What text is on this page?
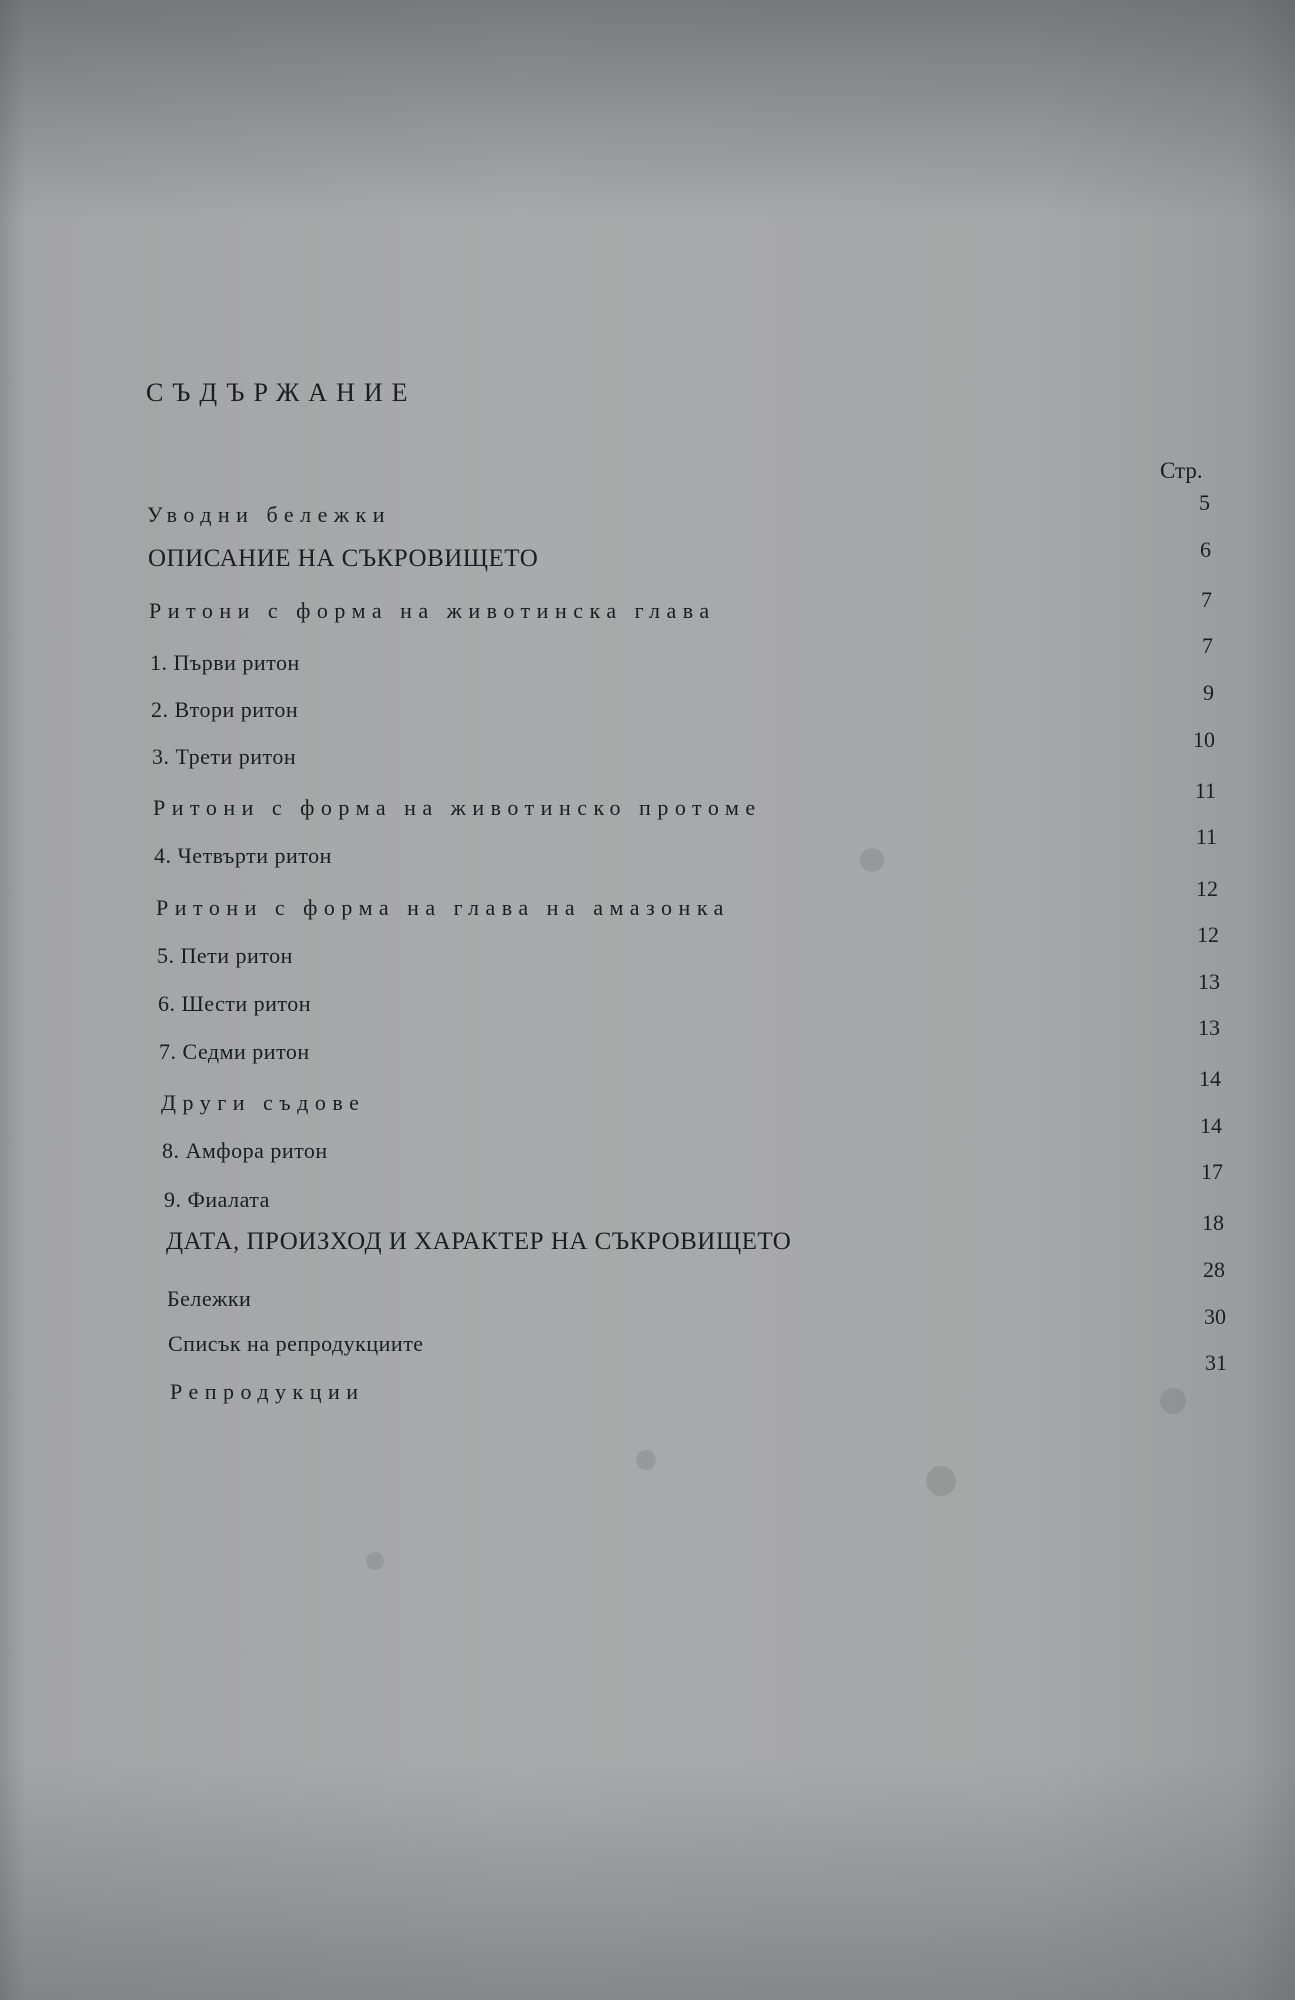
СЪДЪРЖАНИЕ
Стр.
Уводни бележки
ОПИСАНИЕ НА СЪКРОВИЩЕТО
Ритони с форма на животинска глава
1. Първи ритон
2. Втори ритон
3. Трети ритон
Ритони с форма на животинско протоме
4. Четвърти ритон
Ритони с форма на глава на амазонка
5. Пети ритон
6. Шести ритон
7. Седми ритон
Други съдове
8. Амфора ритон
9. Фиалата
ДАТА, ПРОИЗХОД И ХАРАКТЕР НА СЪКРОВИЩЕТО
Бележки
Списък на репродукциите
Репродукции
5
6
7
7
9
10
11
11
12
12
13
13
14
14
17
18
28
30
31
